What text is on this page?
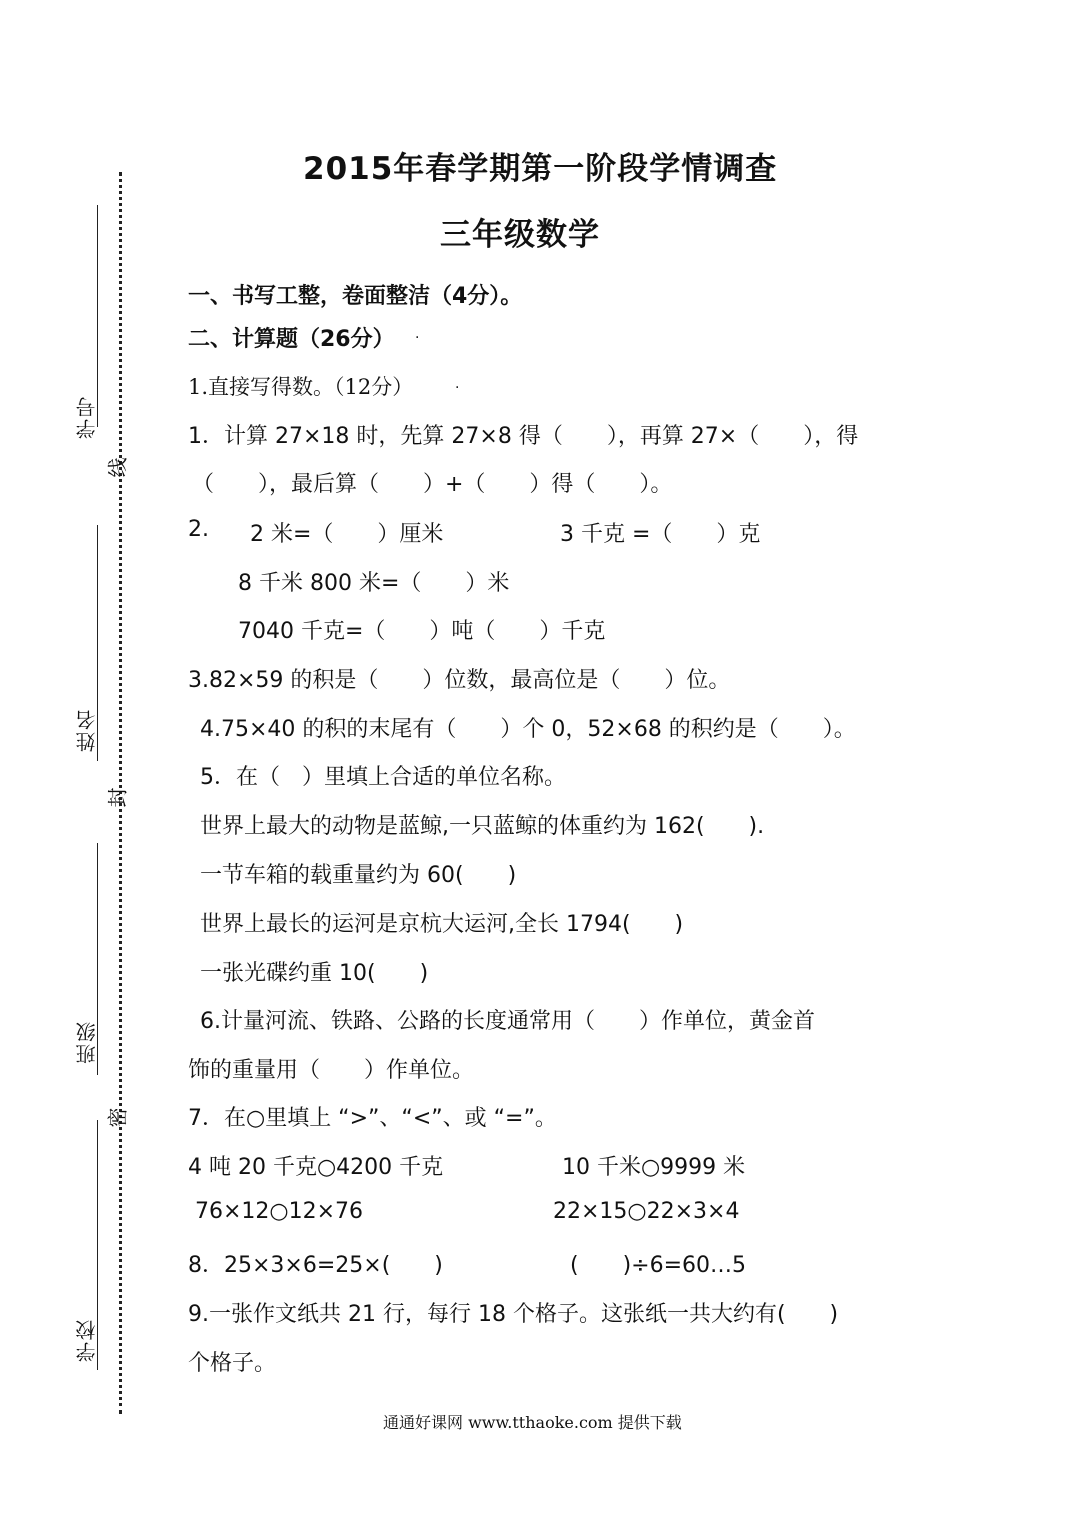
学号
姓名
班级
学校
线
封
密
2015年春学期第一阶段学情调查
三年级数学
一、书写工整，卷面整洁（4分）。
二、计算题（26分） .
1.直接写得数。（12分）	.
1．计算 27×18 时，先算 27×8 得（　　），再算 27×（　　），得
（　　），最后算（　　）+（　　）得（　　）。
2. 2 米=（　　）厘米	3 千克 =（　　）克
8 千米 800 米=（　　）米
7040 千克=（　　）吨（　　）千克
3.82×59 的积是（　　）位数，最高位是（　　）位。
4.75×40 的积的末尾有（　　）个 0，52×68 的积约是（　　）。
5．在（　）里填上合适的单位名称。
世界上最大的动物是蓝鲸,一只蓝鲸的体重约为 162(　　).
一节车箱的载重量约为 60(　　)
世界上最长的运河是京杭大运河,全长 1794(　　)
一张光碟约重 10(　　)
6.计量河流、铁路、公路的长度通常用（　　）作单位，黄金首
饰的重量用（　　）作单位。
7．在○里填上 “>”、“<”、或 “=”。
4 吨 20 千克○4200 千克	10 千米○9999 米
76×12○12×76	22×15○22×3×4
8．25×3×6=25×(　　)	(　　)÷6=60…5
9.一张作文纸共 21 行，每行 18 个格子。这张纸一共大约有(　　)
个格子。
通通好课网 www.tthaoke.com 提供下载
